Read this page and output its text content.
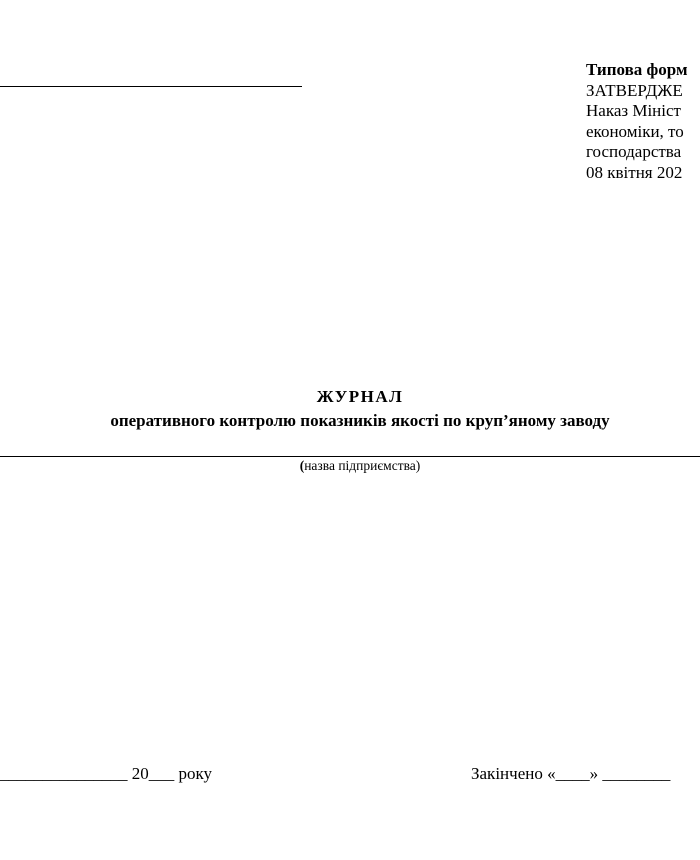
Типова форм
ЗАТВЕРДЖЕ
Наказ Мініст
економіки, то
господарства
08 квітня 202
ЖУРНАЛ
оперативного контролю показників якості по круп’яному заводу
(назва підприємства)
_______________ 20___ року	Закінчено «____» ________
